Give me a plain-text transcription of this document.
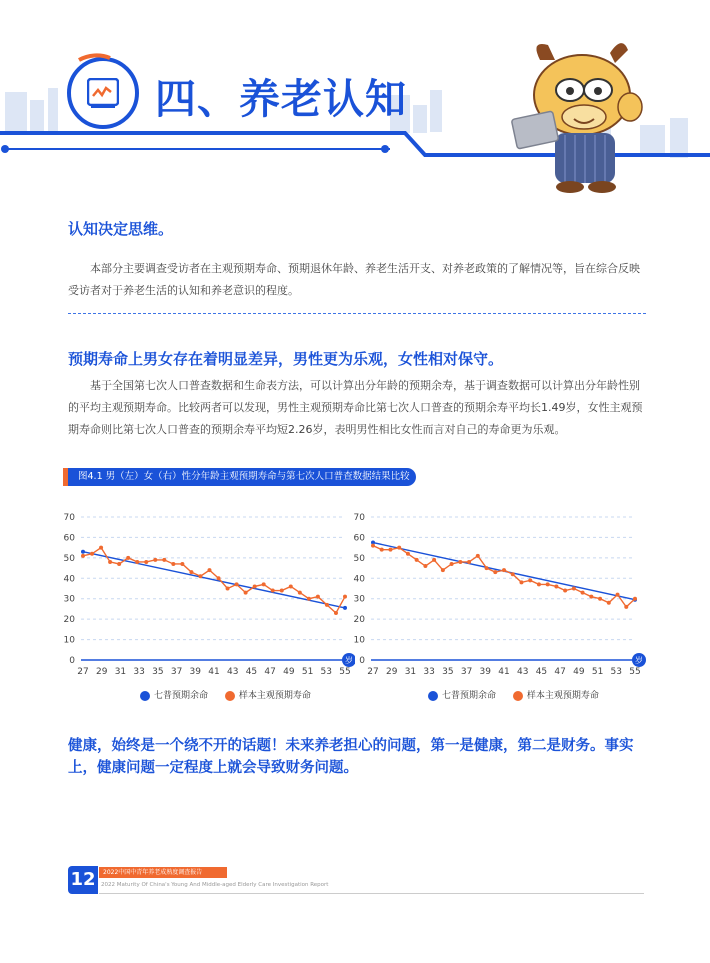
四、养老认知
认知决定思维。

本部分主要调查受访者在主观预期寿命、预期退休年龄、养老生活开支、对养老政策的了解情况等，旨在综合反映受访者对于养老生活的认知和养老意识的程度。

预期寿命上男女存在着明显差异，男性更为乐观，女性相对保守。

基于全国第七次人口普查数据和生命表方法，可以计算出分年龄的预期余寿，基于调查数据可以计算出分年龄性别的平均主观预期寿命。比较两者可以发现，男性主观预期寿命比第七次人口普查的预期余寿平均长1.49岁，女性主观预期寿命则比第七次人口普查的预期余寿平均短2.26岁，表明男性相比女性而言对自己的寿命更为乐观。

图4.1 男（左）女（右）性分年龄主观预期寿命与第七次人口普查数据结果比较
0
10
20
30
40
50
60
70
27 29 31 33 35 37 39 41 43 45 47 49 51 53 55
岁 0
10
20
30
40
50
60
70
27 29 31 33 35 37 39 41 43 45 47 49 51 53 55
岁
七普预期余命	样本主观预期寿命	七普预期余命	样本主观预期寿命
健康，始终是一个绕不开的话题！未来养老担心的问题，第一是健康，第二是财务。事实上，健康问题一定程度上就会导致财务问题。
12	2022中国中青年养老成熟度调查报告
2022 Maturity Of China's Young And Middle-aged Elderly Care Investigation Report
